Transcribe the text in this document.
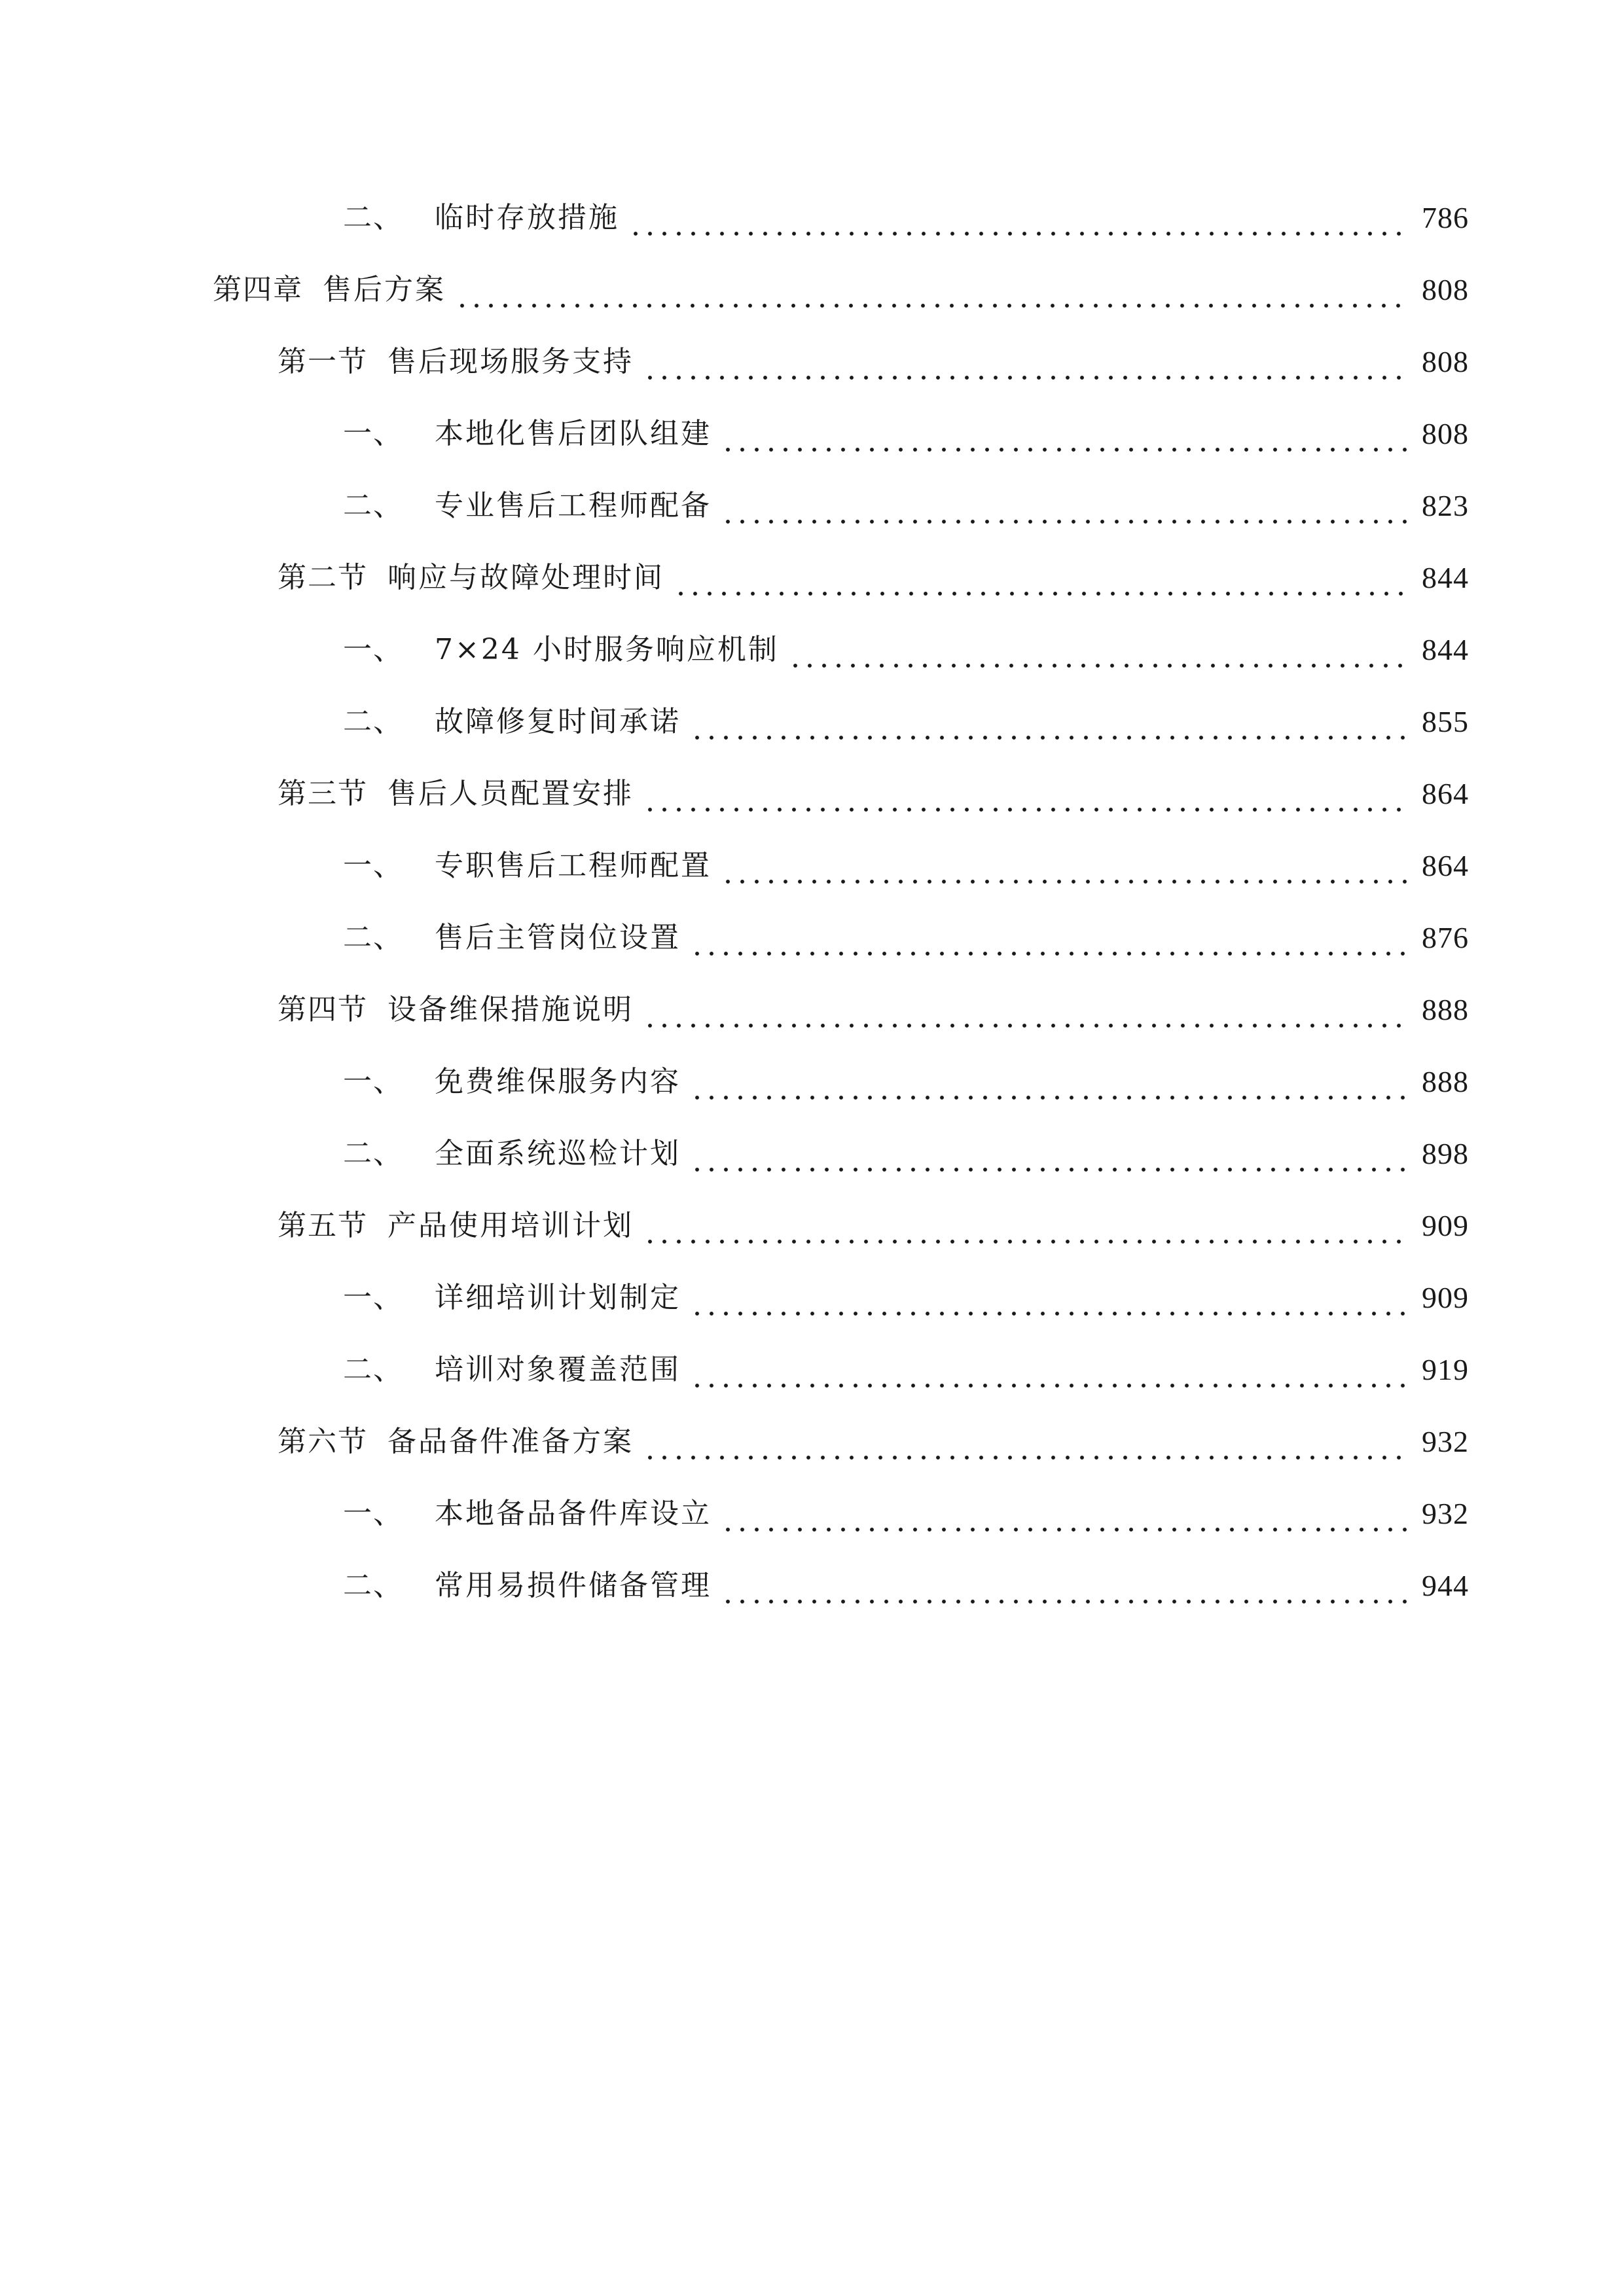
二、 临时存放措施	786
第四章 售后方案	808
第一节 售后现场服务支持	808
一、 本地化售后团队组建	808
二、 专业售后工程师配备	823
第二节 响应与故障处理时间	844
一、 7×24 小时服务响应机制	844
二、 故障修复时间承诺	855
第三节 售后人员配置安排	864
一、 专职售后工程师配置	864
二、 售后主管岗位设置	876
第四节 设备维保措施说明	888
一、 免费维保服务内容	888
二、 全面系统巡检计划	898
第五节 产品使用培训计划	909
一、 详细培训计划制定	909
二、 培训对象覆盖范围	919
第六节 备品备件准备方案	932
一、 本地备品备件库设立	932
二、 常用易损件储备管理	944
